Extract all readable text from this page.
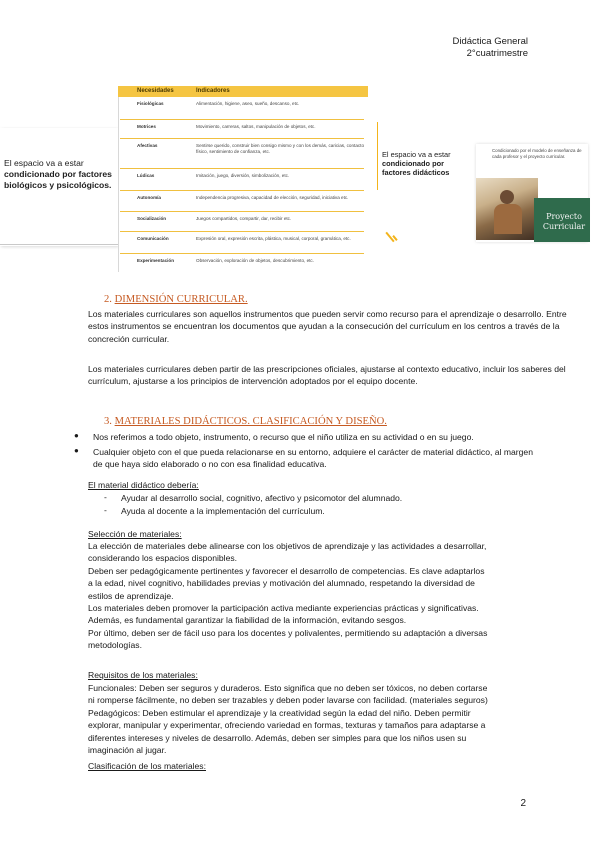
Didáctica General
2°cuatrimestre
El espacio va a estar
condicionado por factores biológicos y psicológicos.
Necesidades	Indicadores
Fisiológicas	Alimentación, higiene, aseo, sueño, descanso, etc.
Motrices	Movimiento, carreras, saltos, manipulación de objetos, etc.
Afectivas	Sentirse querido, construir bien consigo mismo y con los demás, caricias, contacto físico, sentimiento de confianza, etc.
Lúdicas	Imitación, juego, diversión, simbolización, etc.
Autonomía	Independencia progresiva, capacidad de elección, seguridad, iniciativa etc.
Socialización	Juegos compartidos, compartir, dar, recibir etc.
Comunicación	Expresión oral, expresión escrita, plástica, musical, corporal, gramática, etc.
Experimentación	Observación, exploración de objetos, descubrimiento, etc.
El espacio va a estar
condicionado por factores didácticos
Condicionado por el modelo de enseñanza de cada profesor y el proyecto curricular.
Proyecto Curricular
2. DIMENSIÓN CURRICULAR.
Los materiales curriculares son aquellos instrumentos que pueden servir como recurso para el aprendizaje o desarrollo. Entre estos instrumentos se encuentran los documentos que ayudan a la consecución del currículum en los centros a través de la concreción curricular.
Los materiales curriculares deben partir de las prescripciones oficiales, ajustarse al contexto educativo, incluir los saberes del currículum, ajustarse a los principios de intervención adoptados por el equipo docente.
3. MATERIALES DIDÁCTICOS. CLASIFICACIÓN Y DISEÑO.
● Nos referimos a todo objeto, instrumento, o recurso que el niño utiliza en su actividad o en su juego.
● Cualquier objeto con el que pueda relacionarse en su entorno, adquiere el carácter de material didáctico, al margen de que haya sido elaborado o no con esa finalidad educativa.
El material didáctico debería:
- Ayudar al desarrollo social, cognitivo, afectivo y psicomotor del alumnado.
- Ayuda al docente a la implementación del currículum.
Selección de materiales:
La elección de materiales debe alinearse con los objetivos de aprendizaje y las actividades a desarrollar,
considerando los espacios disponibles.
Deben ser pedagógicamente pertinentes y favorecer el desarrollo de competencias. Es clave adaptarlos
a la edad, nivel cognitivo, habilidades previas y motivación del alumnado, respetando la diversidad de
estilos de aprendizaje.
Los materiales deben promover la participación activa mediante experiencias prácticas y significativas.
Además, es fundamental garantizar la fiabilidad de la información, evitando sesgos.
Por último, deben ser de fácil uso para los docentes y polivalentes, permitiendo su adaptación a diversas
metodologías.
Requisitos de los materiales:
Funcionales: Deben ser seguros y duraderos. Esto significa que no deben ser tóxicos, no deben cortarse
ni romperse fácilmente, no deben ser trazables y deben poder lavarse con facilidad. (materiales seguros)
Pedagógicos: Deben estimular el aprendizaje y la creatividad según la edad del niño. Deben permitir
explorar, manipular y experimentar, ofreciendo variedad en formas, texturas y tamaños para adaptarse a
diferentes intereses y niveles de desarrollo. Además, deben ser simples para que los niños usen su
imaginación al jugar.
Clasificación de los materiales:
2
